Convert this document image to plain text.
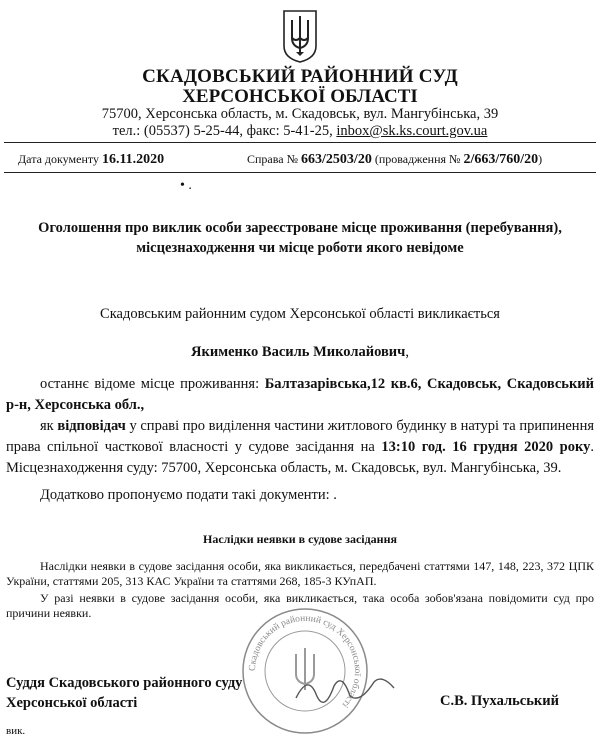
СКАДОВСЬКИЙ РАЙОННИЙ СУД
ХЕРСОНСЬКОЇ ОБЛАСТІ
75700, Херсонська область, м. Скадовськ, вул. Мангубінська, 39
тел.: (05537) 5-25-44, факс: 5-41-25, inbox@sk.ks.court.gov.ua
Дата документу 16.11.2020	Справа № 663/2503/20 (провадження № 2/663/760/20)
• .
Оголошення про виклик особи зареєстроване місце проживання (перебування),
місцезнаходження чи місце роботи якого невідоме
Скадовським районним судом Херсонської області викликається
Якименко Василь Миколайович,
останнє відоме місце проживання: Балтазарівська,12 кв.6, Скадовськ, Скадовський р-н, Херсонська обл.,
як відповідач у справі про виділення частини житлового будинку в натурі та припинення права спільної часткової власності у судове засідання на 13:10 год. 16 грудня 2020 року. Місцезнаходження суду: 75700, Херсонська область, м. Скадовськ, вул. Мангубінська, 39.
Додатково пропонуємо подати такі документи: .
Наслідки неявки в судове засідання
Наслідки неявки в судове засідання особи, яка викликається, передбачені статтями 147, 148, 223, 372 ЦПК України, статтями 205, 313 КАС України та статтями 268, 185-3 КУпАП.
У разі неявки в судове засідання особи, яка викликається, така особа зобов'язана повідомити суд про причини неявки.
Скадовський районний суд Херсонської області
Суддя Скадовського районного суду
Херсонської області	С.В. Пухальський
вик.
